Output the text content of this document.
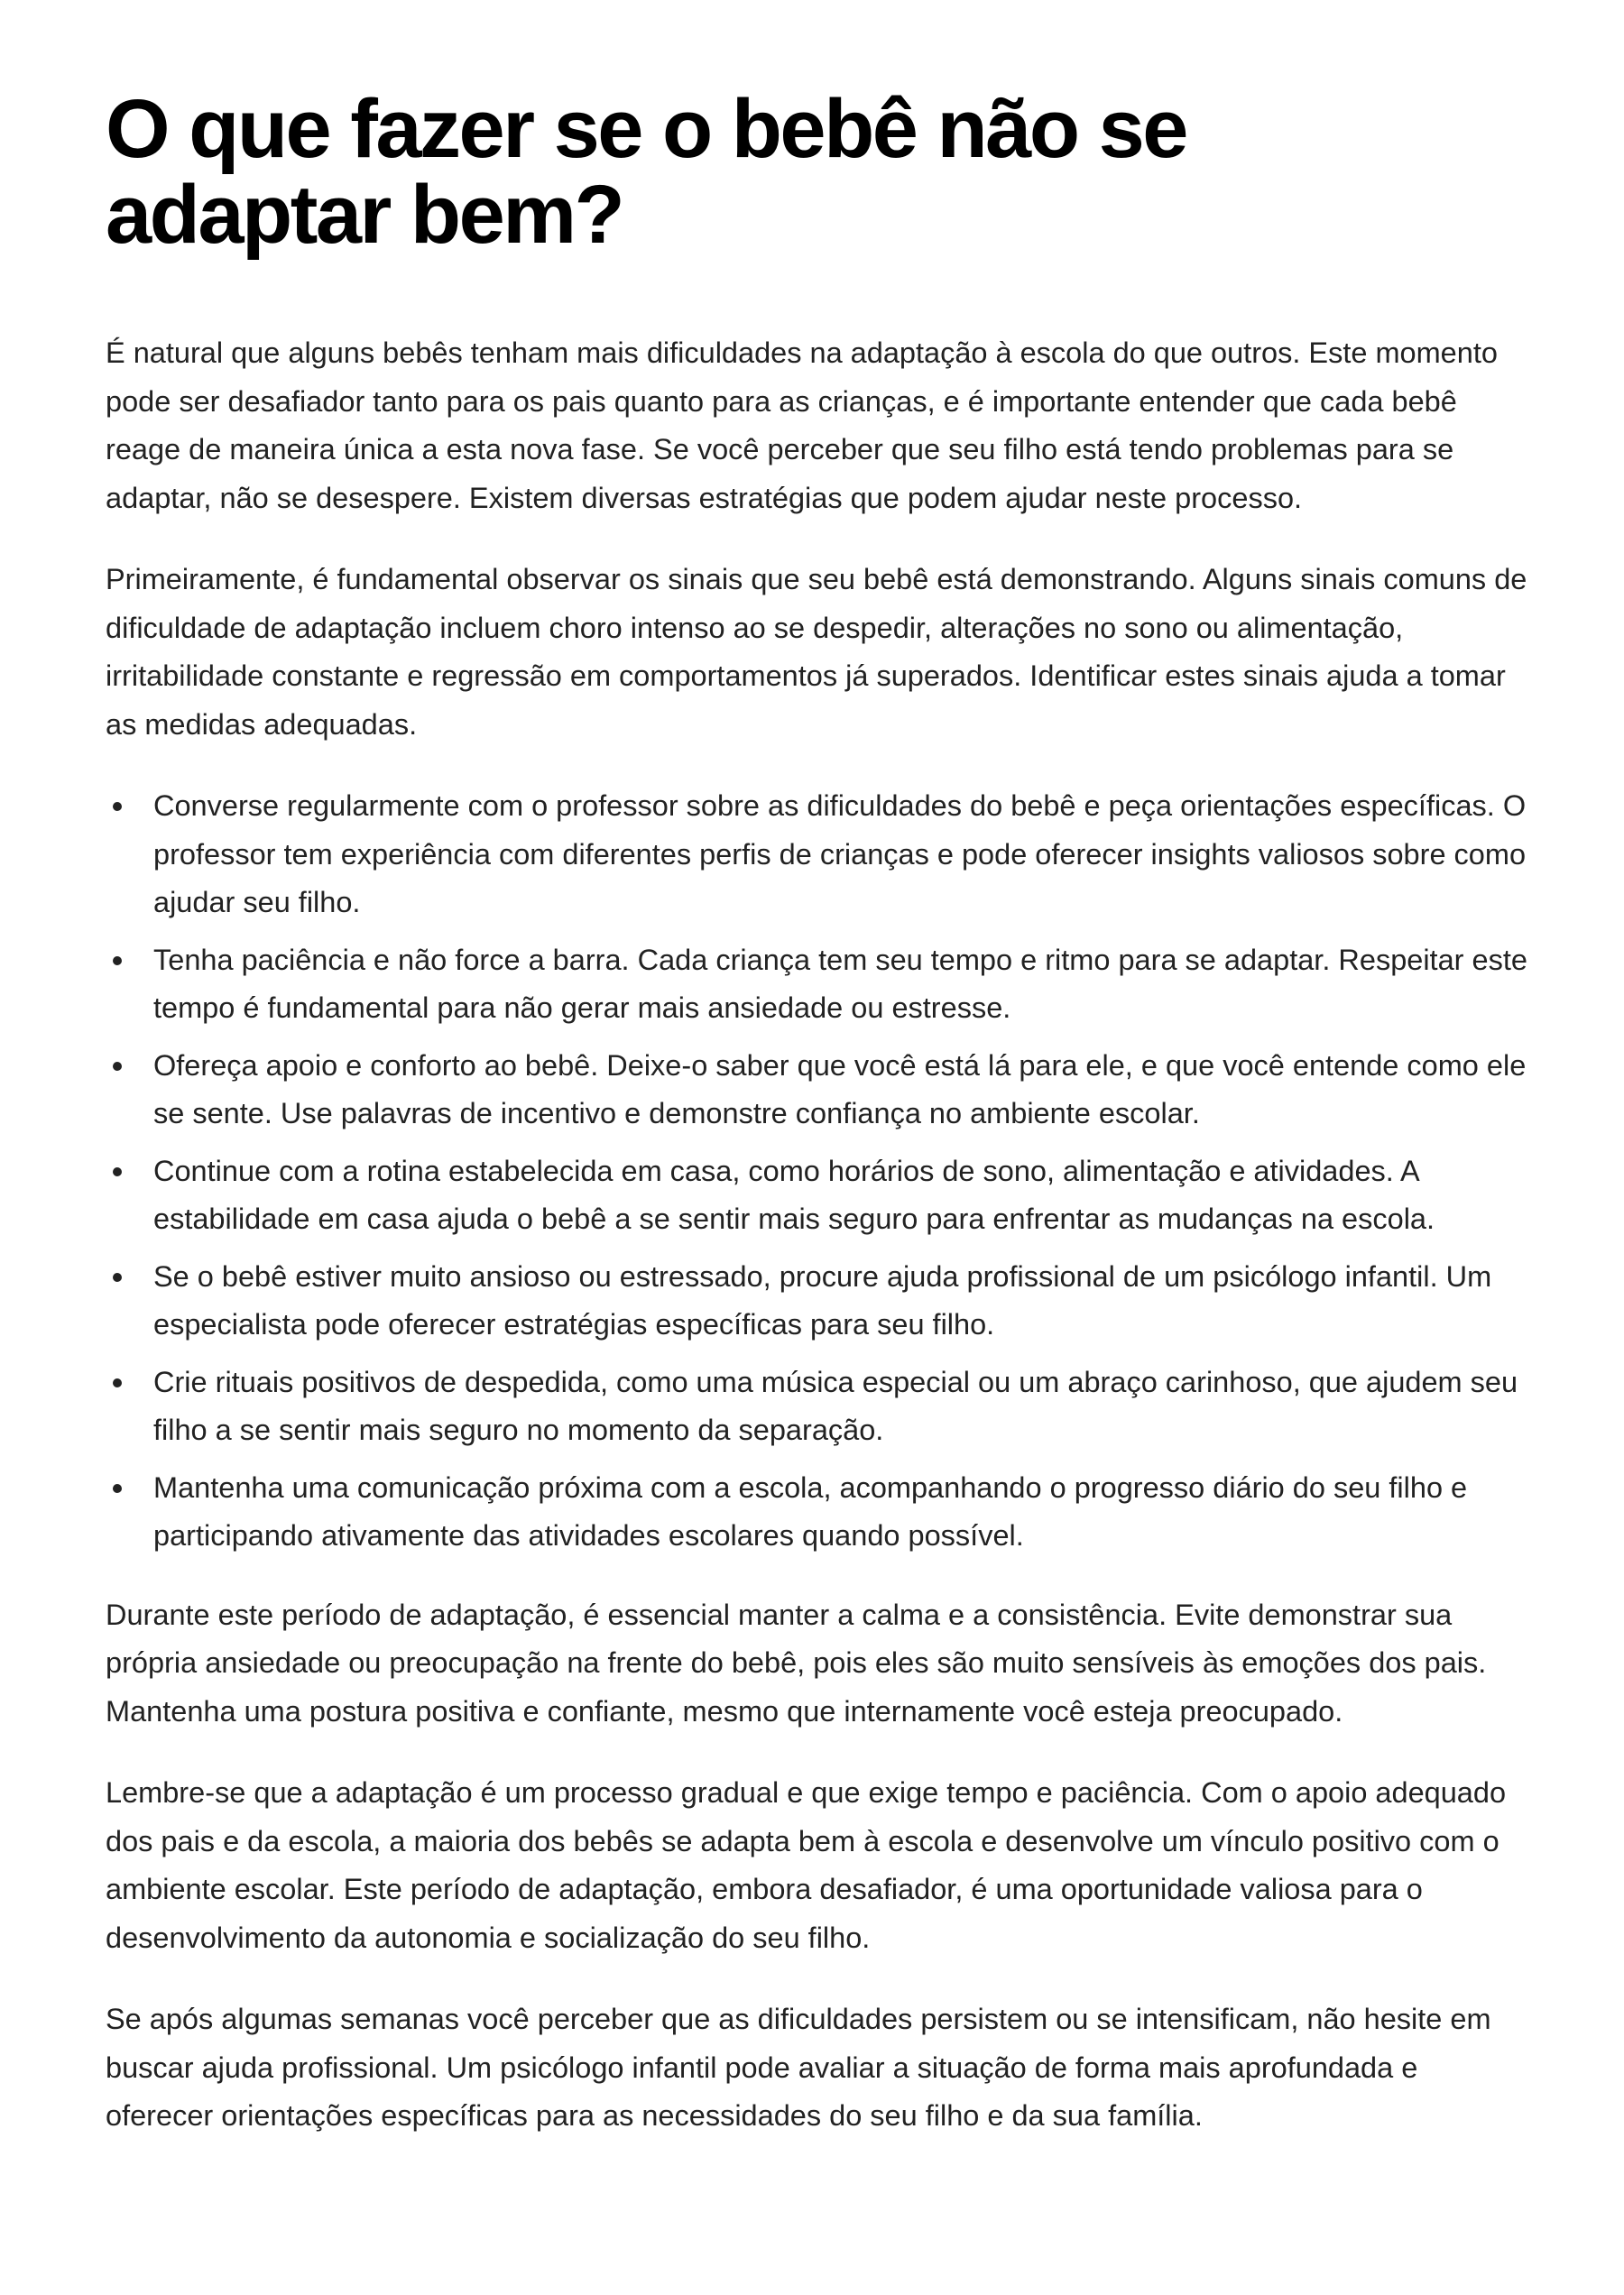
O que fazer se o bebê não se adaptar bem?

É natural que alguns bebês tenham mais dificuldades na adaptação à escola do que outros. Este momento pode ser desafiador tanto para os pais quanto para as crianças, e é importante entender que cada bebê reage de maneira única a esta nova fase. Se você perceber que seu filho está tendo problemas para se adaptar, não se desespere. Existem diversas estratégias que podem ajudar neste processo.

Primeiramente, é fundamental observar os sinais que seu bebê está demonstrando. Alguns sinais comuns de dificuldade de adaptação incluem choro intenso ao se despedir, alterações no sono ou alimentação, irritabilidade constante e regressão em comportamentos já superados. Identificar estes sinais ajuda a tomar as medidas adequadas.

Converse regularmente com o professor sobre as dificuldades do bebê e peça orientações específicas. O professor tem experiência com diferentes perfis de crianças e pode oferecer insights valiosos sobre como ajudar seu filho.
Tenha paciência e não force a barra. Cada criança tem seu tempo e ritmo para se adaptar. Respeitar este tempo é fundamental para não gerar mais ansiedade ou estresse.
Ofereça apoio e conforto ao bebê. Deixe-o saber que você está lá para ele, e que você entende como ele se sente. Use palavras de incentivo e demonstre confiança no ambiente escolar.
Continue com a rotina estabelecida em casa, como horários de sono, alimentação e atividades. A estabilidade em casa ajuda o bebê a se sentir mais seguro para enfrentar as mudanças na escola.
Se o bebê estiver muito ansioso ou estressado, procure ajuda profissional de um psicólogo infantil. Um especialista pode oferecer estratégias específicas para seu filho.
Crie rituais positivos de despedida, como uma música especial ou um abraço carinhoso, que ajudem seu filho a se sentir mais seguro no momento da separação.
Mantenha uma comunicação próxima com a escola, acompanhando o progresso diário do seu filho e participando ativamente das atividades escolares quando possível.

Durante este período de adaptação, é essencial manter a calma e a consistência. Evite demonstrar sua própria ansiedade ou preocupação na frente do bebê, pois eles são muito sensíveis às emoções dos pais. Mantenha uma postura positiva e confiante, mesmo que internamente você esteja preocupado.

Lembre-se que a adaptação é um processo gradual e que exige tempo e paciência. Com o apoio adequado dos pais e da escola, a maioria dos bebês se adapta bem à escola e desenvolve um vínculo positivo com o ambiente escolar. Este período de adaptação, embora desafiador, é uma oportunidade valiosa para o desenvolvimento da autonomia e socialização do seu filho.

Se após algumas semanas você perceber que as dificuldades persistem ou se intensificam, não hesite em buscar ajuda profissional. Um psicólogo infantil pode avaliar a situação de forma mais aprofundada e oferecer orientações específicas para as necessidades do seu filho e da sua família.
